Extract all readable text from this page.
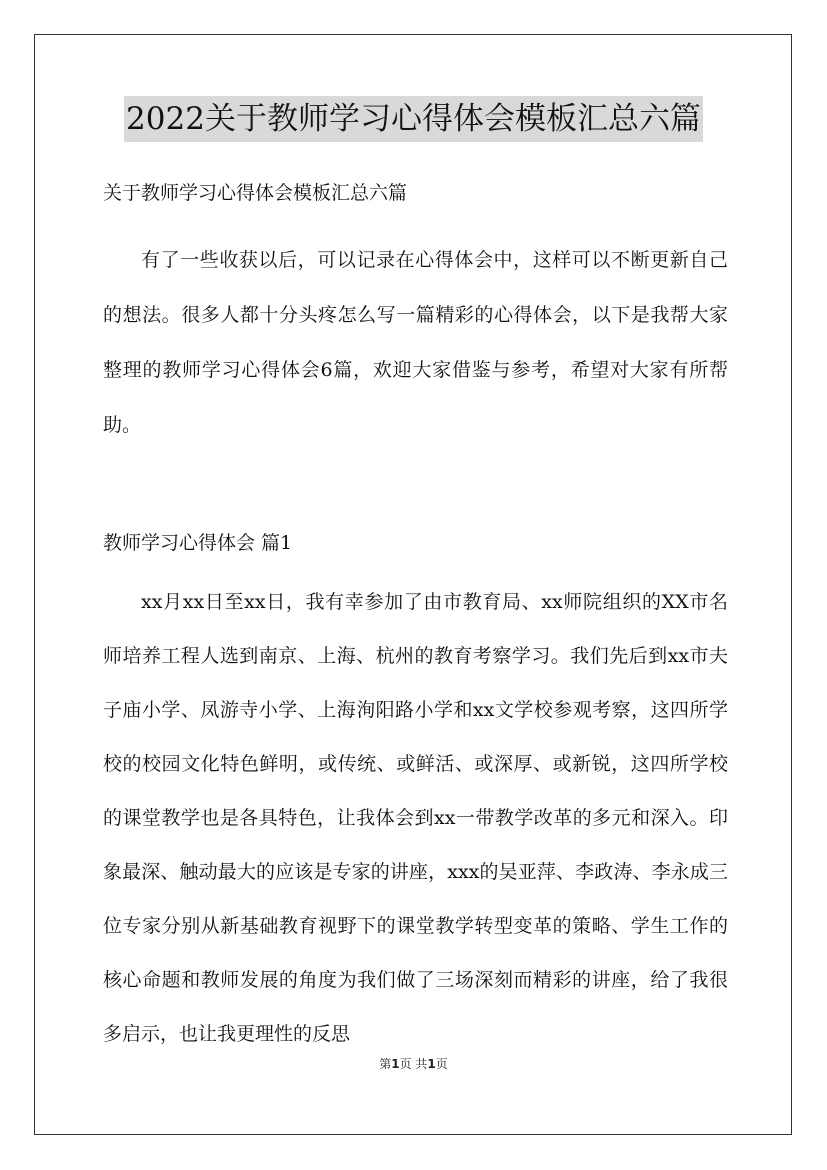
2022关于教师学习心得体会模板汇总六篇

关于教师学习心得体会模板汇总六篇

有了一些收获以后，可以记录在心得体会中，这样可以不断更新自己的想法。很多人都十分头疼怎么写一篇精彩的心得体会，以下是我帮大家整理的教师学习心得体会6篇，欢迎大家借鉴与参考，希望对大家有所帮助。

教师学习心得体会 篇1

xx月xx日至xx日，我有幸参加了由市教育局、xx师院组织的XX市名师培养工程人选到南京、上海、杭州的教育考察学习。我们先后到xx市夫子庙小学、凤游寺小学、上海洵阳路小学和xx文学校参观考察，这四所学校的校园文化特色鲜明，或传统、或鲜活、或深厚、或新锐，这四所学校的课堂教学也是各具特色，让我体会到xx一带教学改革的多元和深入。印象最深、触动最大的应该是专家的讲座，xxx的吴亚萍、李政涛、李永成三位专家分别从新基础教育视野下的课堂教学转型变革的策略、学生工作的核心命题和教师发展的角度为我们做了三场深刻而精彩的讲座，给了我很多启示，也让我更理性的反思

第1页 共1页
